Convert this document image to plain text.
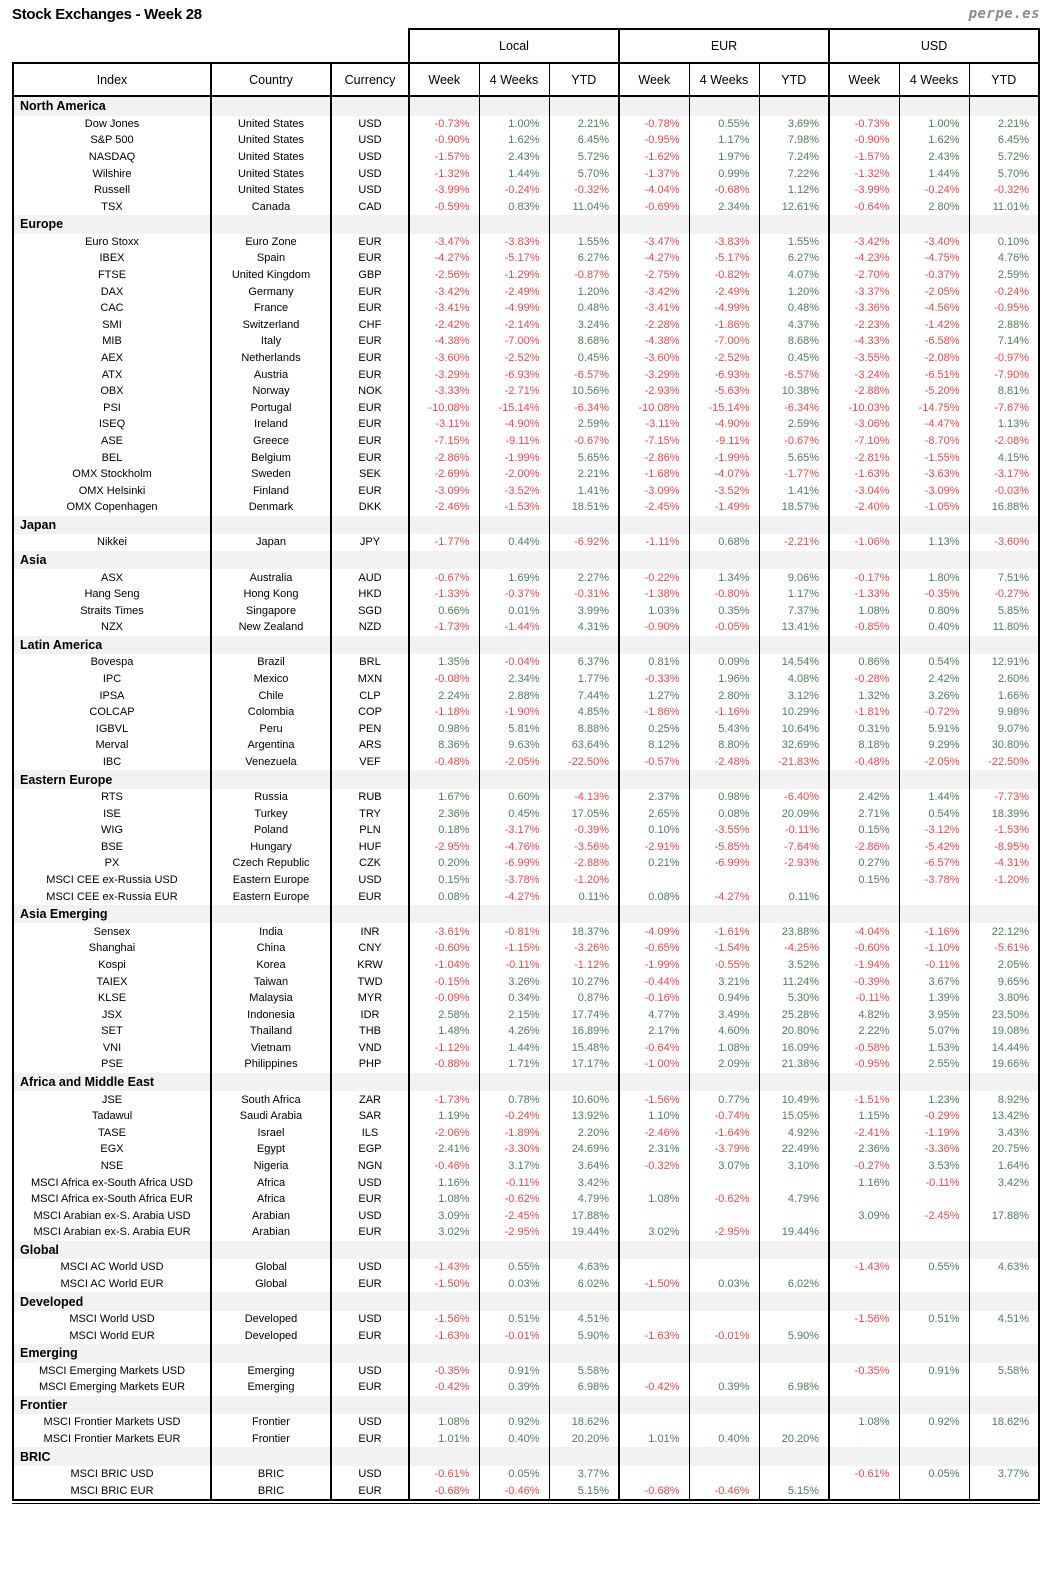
Stock Exchanges - Week 28	perpe.es
			Local			EUR			USD		
Index	Country	Currency	Week	4 Weeks	YTD	Week	4 Weeks	YTD	Week	4 Weeks	YTD
North America											
Dow Jones	United States	USD	-0.73%	1.00%	2.21%	-0.78%	0.55%	3.69%	-0.73%	1.00%	2.21%
S&P 500	United States	USD	-0.90%	1.62%	6.45%	-0.95%	1.17%	7.98%	-0.90%	1.62%	6.45%
NASDAQ	United States	USD	-1.57%	2.43%	5.72%	-1.62%	1.97%	7.24%	-1.57%	2.43%	5.72%
Wilshire	United States	USD	-1.32%	1.44%	5.70%	-1.37%	0.99%	7.22%	-1.32%	1.44%	5.70%
Russell	United States	USD	-3.99%	-0.24%	-0.32%	-4.04%	-0.68%	1.12%	-3.99%	-0.24%	-0.32%
TSX	Canada	CAD	-0.59%	0.83%	11.04%	-0.69%	2.34%	12.61%	-0.64%	2.80%	11.01%
Europe											
Euro Stoxx	Euro Zone	EUR	-3.47%	-3.83%	1.55%	-3.47%	-3.83%	1.55%	-3.42%	-3.40%	0.10%
IBEX	Spain	EUR	-4.27%	-5.17%	6.27%	-4.27%	-5.17%	6.27%	-4.23%	-4.75%	4.76%
FTSE	United Kingdom	GBP	-2.56%	-1.29%	-0.87%	-2.75%	-0.82%	4.07%	-2.70%	-0.37%	2.59%
DAX	Germany	EUR	-3.42%	-2.49%	1.20%	-3.42%	-2.49%	1.20%	-3.37%	-2.05%	-0.24%
CAC	France	EUR	-3.41%	-4.99%	0.48%	-3.41%	-4.99%	0.48%	-3.36%	-4.56%	-0.95%
SMI	Switzerland	CHF	-2.42%	-2.14%	3.24%	-2.28%	-1.86%	4.37%	-2.23%	-1.42%	2.88%
MIB	Italy	EUR	-4.38%	-7.00%	8.68%	-4.38%	-7.00%	8.68%	-4.33%	-6.58%	7.14%
AEX	Netherlands	EUR	-3.60%	-2.52%	0.45%	-3.60%	-2.52%	0.45%	-3.55%	-2.08%	-0.97%
ATX	Austria	EUR	-3.29%	-6.93%	-6.57%	-3.29%	-6.93%	-6.57%	-3.24%	-6.51%	-7.90%
OBX	Norway	NOK	-3.33%	-2.71%	10.56%	-2.93%	-5.63%	10.38%	-2.88%	-5.20%	8.81%
PSI	Portugal	EUR	-10.08%	-15.14%	-6.34%	-10.08%	-15.14%	-6.34%	-10.03%	-14.75%	-7.67%
ISEQ	Ireland	EUR	-3.11%	-4.90%	2.59%	-3.11%	-4.90%	2.59%	-3.06%	-4.47%	1.13%
ASE	Greece	EUR	-7.15%	-9.11%	-0.67%	-7.15%	-9.11%	-0.67%	-7.10%	-8.70%	-2.08%
BEL	Belgium	EUR	-2.86%	-1.99%	5.65%	-2.86%	-1.99%	5.65%	-2.81%	-1.55%	4.15%
OMX Stockholm	Sweden	SEK	-2.69%	-2.00%	2.21%	-1.68%	-4.07%	-1.77%	-1.63%	-3.63%	-3.17%
OMX Helsinki	Finland	EUR	-3.09%	-3.52%	1.41%	-3.09%	-3.52%	1.41%	-3.04%	-3.09%	-0.03%
OMX Copenhagen	Denmark	DKK	-2.46%	-1.53%	18.51%	-2.45%	-1.49%	18.57%	-2.40%	-1.05%	16.88%
Japan											
Nikkei	Japan	JPY	-1.77%	0.44%	-6.92%	-1.11%	0.68%	-2.21%	-1.06%	1.13%	-3.60%
Asia											
ASX	Australia	AUD	-0.67%	1.69%	2.27%	-0.22%	1.34%	9.06%	-0.17%	1.80%	7.51%
Hang Seng	Hong Kong	HKD	-1.33%	-0.37%	-0.31%	-1.38%	-0.80%	1.17%	-1.33%	-0.35%	-0.27%
Straits Times	Singapore	SGD	0.66%	0.01%	3.99%	1.03%	0.35%	7.37%	1.08%	0.80%	5.85%
NZX	New Zealand	NZD	-1.73%	-1.44%	4.31%	-0.90%	-0.05%	13.41%	-0.85%	0.40%	11.80%
Latin America											
Bovespa	Brazil	BRL	1.35%	-0.04%	6.37%	0.81%	0.09%	14.54%	0.86%	0.54%	12.91%
IPC	Mexico	MXN	-0.08%	2.34%	1.77%	-0.33%	1.96%	4.08%	-0.28%	2.42%	2.60%
IPSA	Chile	CLP	2.24%	2.88%	7.44%	1.27%	2.80%	3.12%	1.32%	3.26%	1.66%
COLCAP	Colombia	COP	-1.18%	-1.90%	4.85%	-1.86%	-1.16%	10.29%	-1.81%	-0.72%	9.98%
IGBVL	Peru	PEN	0.98%	5.81%	8.88%	0.25%	5.43%	10.64%	0.31%	5.91%	9.07%
Merval	Argentina	ARS	8.36%	9.63%	63.64%	8.12%	8.80%	32.69%	8.18%	9.29%	30.80%
IBC	Venezuela	VEF	-0.48%	-2.05%	-22.50%	-0.57%	-2.48%	-21.83%	-0.48%	-2.05%	-22.50%
Eastern Europe											
RTS	Russia	RUB	1.67%	0.60%	-4.13%	2.37%	0.98%	-6.40%	2.42%	1.44%	-7.73%
ISE	Turkey	TRY	2.36%	0.45%	17.05%	2.65%	0.08%	20.09%	2.71%	0.54%	18.39%
WIG	Poland	PLN	0.18%	-3.17%	-0.39%	0.10%	-3.55%	-0.11%	0.15%	-3.12%	-1.53%
BSE	Hungary	HUF	-2.95%	-4.76%	-3.56%	-2.91%	-5.85%	-7.64%	-2.86%	-5.42%	-8.95%
PX	Czech Republic	CZK	0.20%	-6.99%	-2.88%	0.21%	-6.99%	-2.93%	0.27%	-6.57%	-4.31%
MSCI CEE ex-Russia USD	Eastern Europe	USD	0.15%	-3.78%	-1.20%				0.15%	-3.78%	-1.20%
MSCI CEE ex-Russia EUR	Eastern Europe	EUR	0.08%	-4.27%	0.11%	0.08%	-4.27%	0.11%			
Asia Emerging											
Sensex	India	INR	-3.61%	-0.81%	18.37%	-4.09%	-1.61%	23.88%	-4.04%	-1.16%	22.12%
Shanghai	China	CNY	-0.60%	-1.15%	-3.26%	-0.65%	-1.54%	-4.25%	-0.60%	-1.10%	-5.61%
Kospi	Korea	KRW	-1.04%	-0.11%	-1.12%	-1.99%	-0.55%	3.52%	-1.94%	-0.11%	2.05%
TAIEX	Taiwan	TWD	-0.15%	3.26%	10.27%	-0.44%	3.21%	11.24%	-0.39%	3.67%	9.65%
KLSE	Malaysia	MYR	-0.09%	0.34%	0.87%	-0.16%	0.94%	5.30%	-0.11%	1.39%	3.80%
JSX	Indonesia	IDR	2.58%	2.15%	17.74%	4.77%	3.49%	25.28%	4.82%	3.95%	23.50%
SET	Thailand	THB	1.48%	4.26%	16.89%	2.17%	4.60%	20.80%	2.22%	5.07%	19.08%
VNI	Vietnam	VND	-1.12%	1.44%	15.48%	-0.64%	1.08%	16.09%	-0.58%	1.53%	14.44%
PSE	Philippines	PHP	-0.88%	1.71%	17.17%	-1.00%	2.09%	21.38%	-0.95%	2.55%	19.66%
Africa and Middle East											
JSE	South Africa	ZAR	-1.73%	0.78%	10.60%	-1.56%	0.77%	10.49%	-1.51%	1.23%	8.92%
Tadawul	Saudi Arabia	SAR	1.19%	-0.24%	13.92%	1.10%	-0.74%	15.05%	1.15%	-0.29%	13.42%
TASE	Israel	ILS	-2.06%	-1.89%	2.20%	-2.46%	-1.64%	4.92%	-2.41%	-1.19%	3.43%
EGX	Egypt	EGP	2.41%	-3.30%	24.69%	2.31%	-3.79%	22.49%	2.36%	-3.36%	20.75%
NSE	Nigeria	NGN	-0.46%	3.17%	3.64%	-0.32%	3.07%	3.10%	-0.27%	3.53%	1.64%
MSCI Africa ex-South Africa USD	Africa	USD	1.16%	-0.11%	3.42%				1.16%	-0.11%	3.42%
MSCI Africa ex-South Africa EUR	Africa	EUR	1.08%	-0.62%	4.79%	1.08%	-0.62%	4.79%			
MSCI Arabian ex-S. Arabia USD	Arabian	USD	3.09%	-2.45%	17.88%				3.09%	-2.45%	17.88%
MSCI Arabian ex-S. Arabia EUR	Arabian	EUR	3.02%	-2.95%	19.44%	3.02%	-2.95%	19.44%			
Global											
MSCI AC World USD	Global	USD	-1.43%	0.55%	4.63%				-1.43%	0.55%	4.63%
MSCI AC World EUR	Global	EUR	-1.50%	0.03%	6.02%	-1.50%	0.03%	6.02%			
Developed											
MSCI World USD	Developed	USD	-1.56%	0.51%	4.51%				-1.56%	0.51%	4.51%
MSCI World EUR	Developed	EUR	-1.63%	-0.01%	5.90%	-1.63%	-0.01%	5.90%			
Emerging											
MSCI Emerging Markets USD	Emerging	USD	-0.35%	0.91%	5.58%				-0.35%	0.91%	5.58%
MSCI Emerging Markets EUR	Emerging	EUR	-0.42%	0.39%	6.98%	-0.42%	0.39%	6.98%			
Frontier											
MSCI Frontier Markets USD	Frontier	USD	1.08%	0.92%	18.62%				1.08%	0.92%	18.62%
MSCI Frontier Markets EUR	Frontier	EUR	1.01%	0.40%	20.20%	1.01%	0.40%	20.20%			
BRIC											
MSCI BRIC USD	BRIC	USD	-0.61%	0.05%	3.77%				-0.61%	0.05%	3.77%
MSCI BRIC EUR	BRIC	EUR	-0.68%	-0.46%	5.15%	-0.68%	-0.46%	5.15%			
